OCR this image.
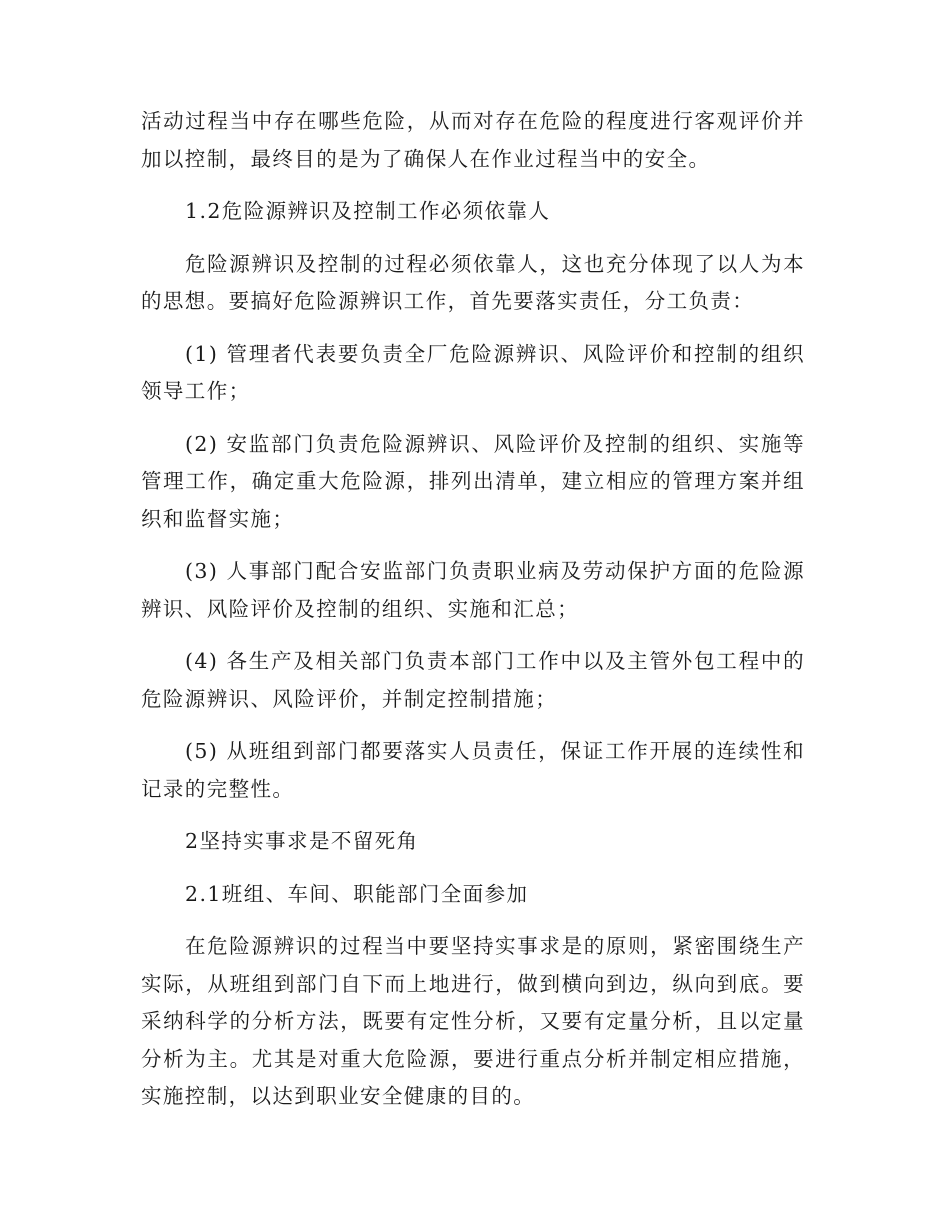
活动过程当中存在哪些危险，从而对存在危险的程度进行客观评价并加以控制，最终目的是为了确保人在作业过程当中的安全。

1.2危险源辨识及控制工作必须依靠人

危险源辨识及控制的过程必须依靠人，这也充分体现了以人为本的思想。要搞好危险源辨识工作，首先要落实责任，分工负责：

(1) 管理者代表要负责全厂危险源辨识、风险评价和控制的组织领导工作；

(2) 安监部门负责危险源辨识、风险评价及控制的组织、实施等管理工作，确定重大危险源，排列出清单，建立相应的管理方案并组织和监督实施；

(3) 人事部门配合安监部门负责职业病及劳动保护方面的危险源辨识、风险评价及控制的组织、实施和汇总；

(4) 各生产及相关部门负责本部门工作中以及主管外包工程中的危险源辨识、风险评价，并制定控制措施；

(5) 从班组到部门都要落实人员责任，保证工作开展的连续性和记录的完整性。

2坚持实事求是不留死角

2.1班组、车间、职能部门全面参加

在危险源辨识的过程当中要坚持实事求是的原则，紧密围绕生产实际，从班组到部门自下而上地进行，做到横向到边，纵向到底。要采纳科学的分析方法，既要有定性分析，又要有定量分析，且以定量分析为主。尤其是对重大危险源，要进行重点分析并制定相应措施，实施控制，以达到职业安全健康的目的。
